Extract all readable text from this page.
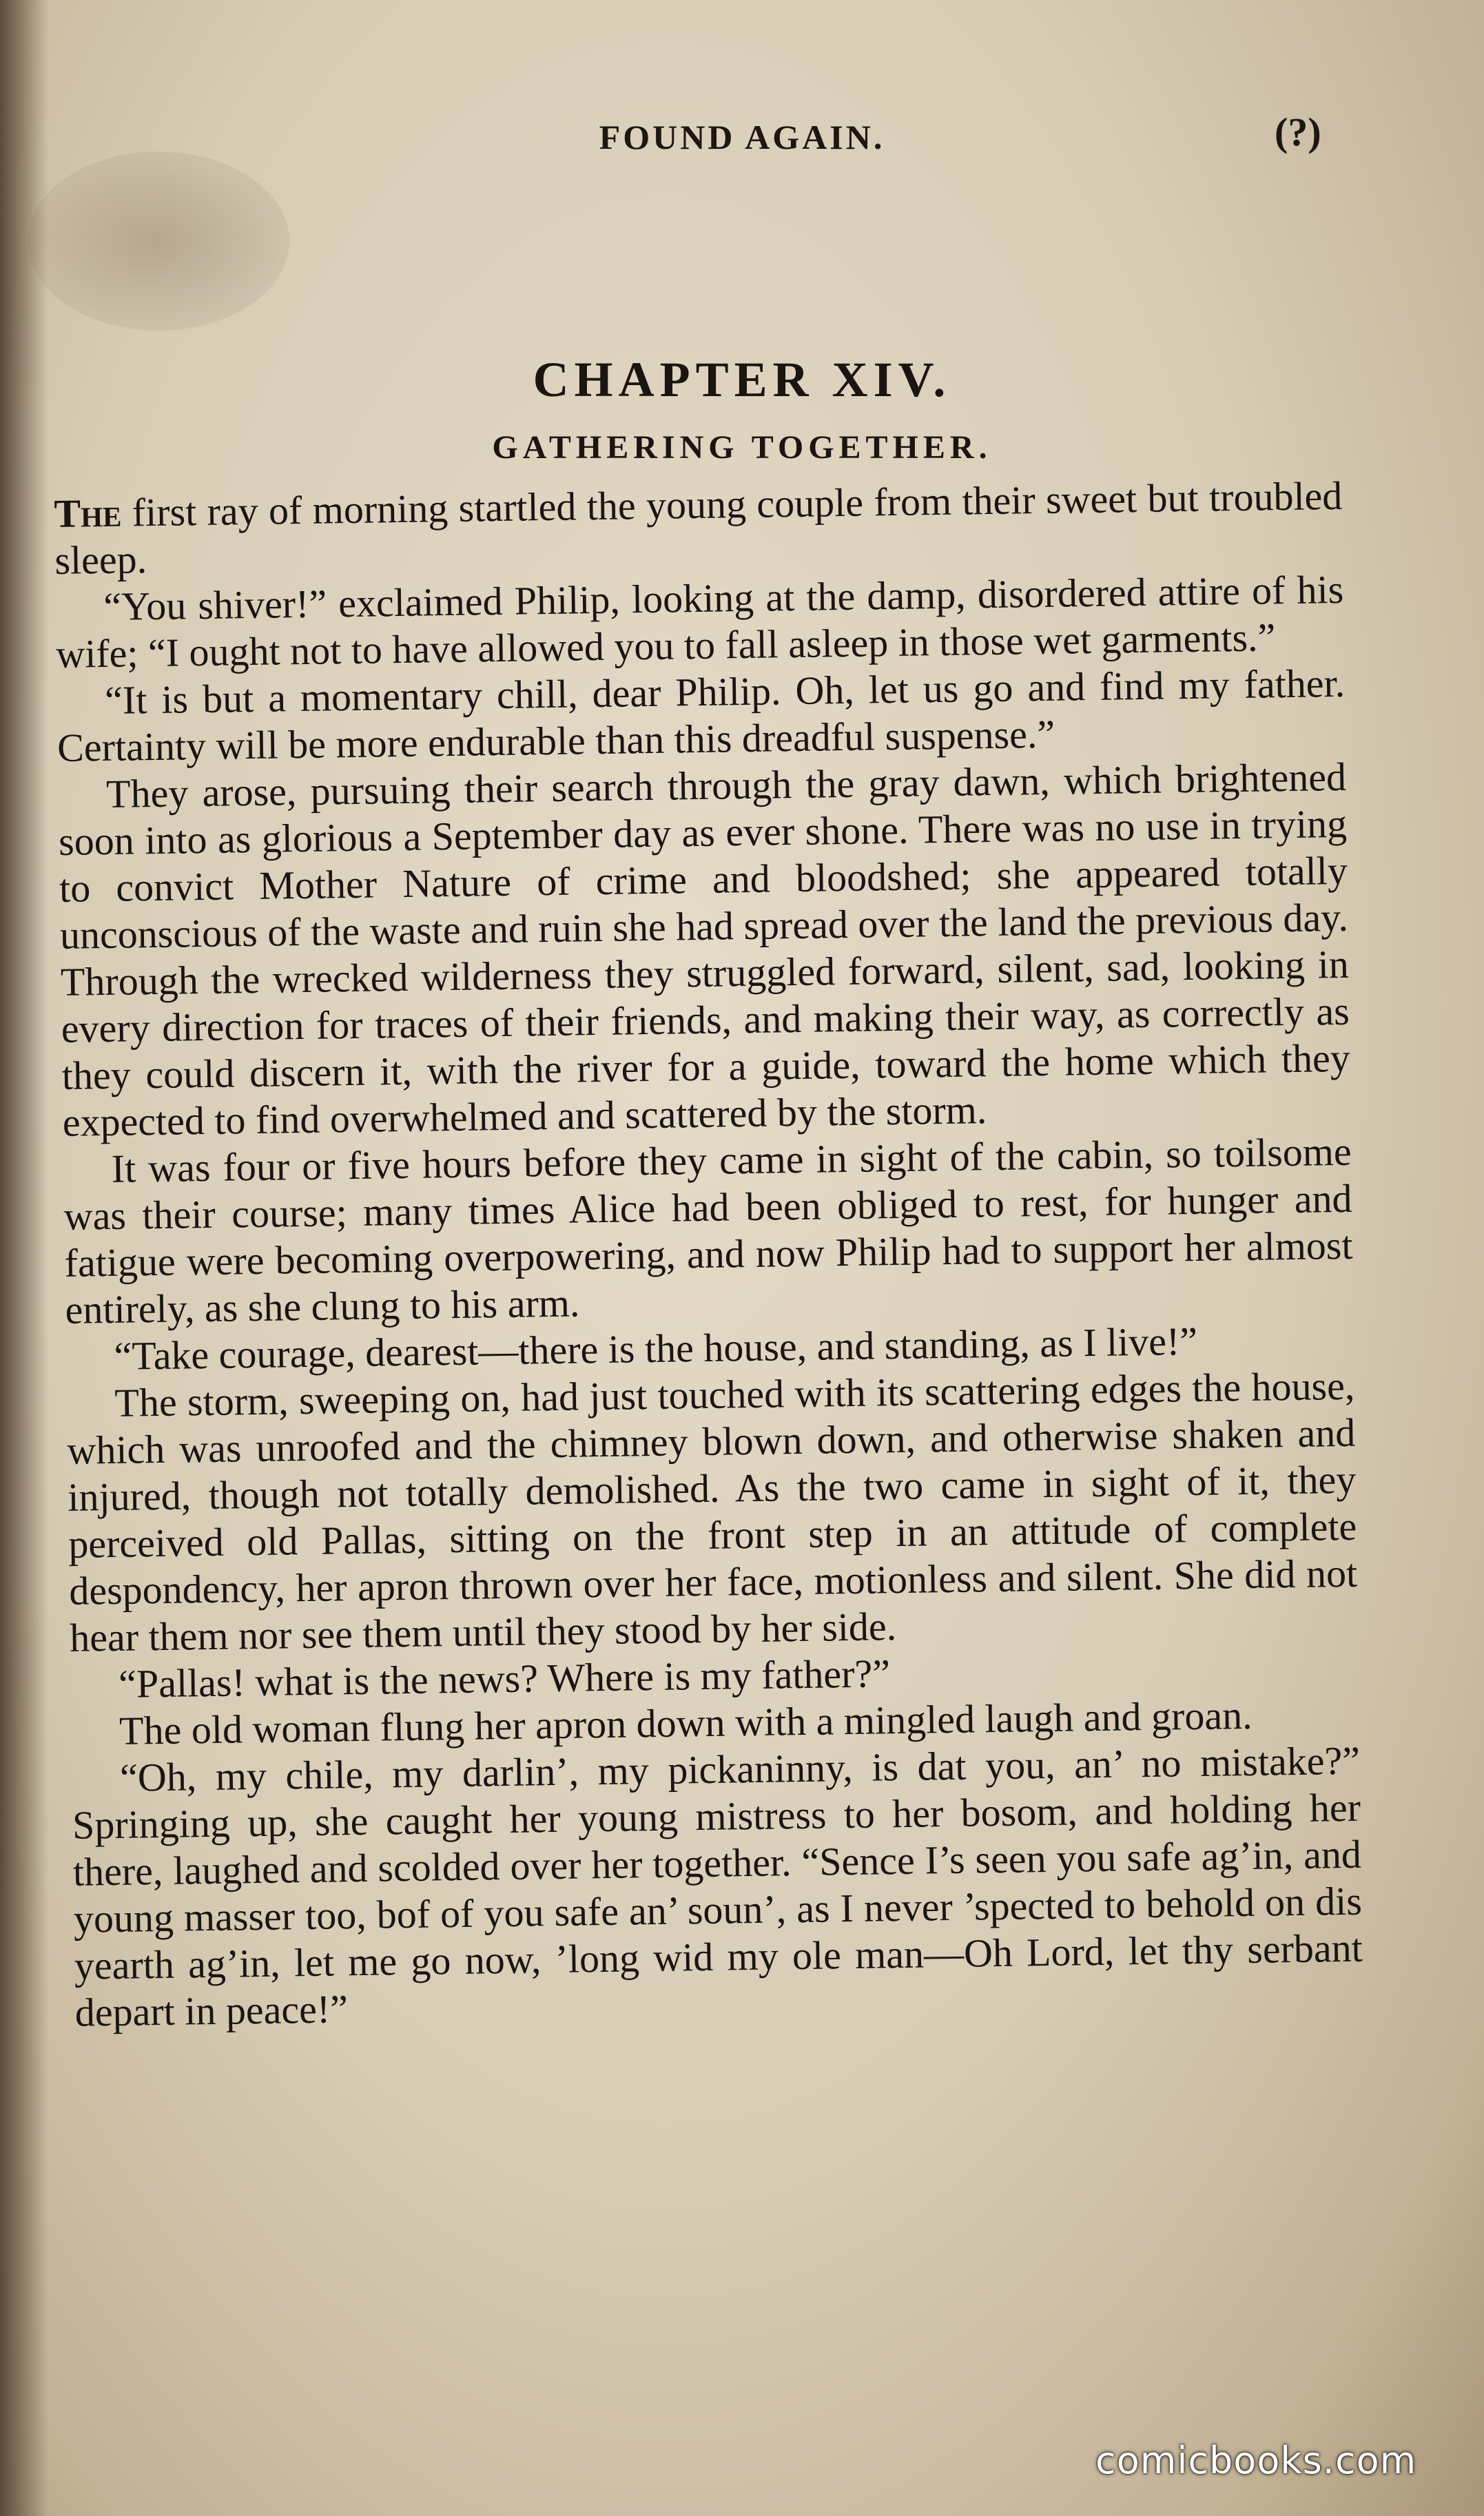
FOUND AGAIN.	(?)
CHAPTER XIV.
GATHERING TOGETHER.

The first ray of morning startled the young couple from their sweet but troubled sleep.

“You shiver!” exclaimed Philip, looking at the damp, disordered attire of his wife; “I ought not to have allowed you to fall asleep in those wet garments.”

“It is but a momentary chill, dear Philip. Oh, let us go and find my father. Certainty will be more endurable than this dreadful suspense.”

They arose, pursuing their search through the gray dawn, which brightened soon into as glorious a September day as ever shone. There was no use in trying to convict Mother Nature of crime and bloodshed; she appeared totally unconscious of the waste and ruin she had spread over the land the previous day. Through the wrecked wilderness they struggled forward, silent, sad, looking in every direction for traces of their friends, and making their way, as correctly as they could discern it, with the river for a guide, toward the home which they expected to find overwhelmed and scattered by the storm.

It was four or five hours before they came in sight of the cabin, so toilsome was their course; many times Alice had been obliged to rest, for hunger and fatigue were becoming overpowering, and now Philip had to support her almost entirely, as she clung to his arm.

“Take courage, dearest—there is the house, and standing, as I live!”

The storm, sweeping on, had just touched with its scattering edges the house, which was unroofed and the chimney blown down, and otherwise shaken and injured, though not totally demolished. As the two came in sight of it, they perceived old Pallas, sitting on the front step in an attitude of complete despondency, her apron thrown over her face, motionless and silent. She did not hear them nor see them until they stood by her side.

“Pallas! what is the news? Where is my father?”

The old woman flung her apron down with a mingled laugh and groan.

“Oh, my chile, my darlin’, my pickaninny, is dat you, an’ no mistake?” Springing up, she caught her young mistress to her bosom, and holding her there, laughed and scolded over her together. “Sence I’s seen you safe ag’in, and young masser too, bof of you safe an’ soun’, as I never ’spected to behold on dis yearth ag’in, let me go now, ’long wid my ole man—Oh Lord, let thy serbant depart in peace!”

comicbooks.com
